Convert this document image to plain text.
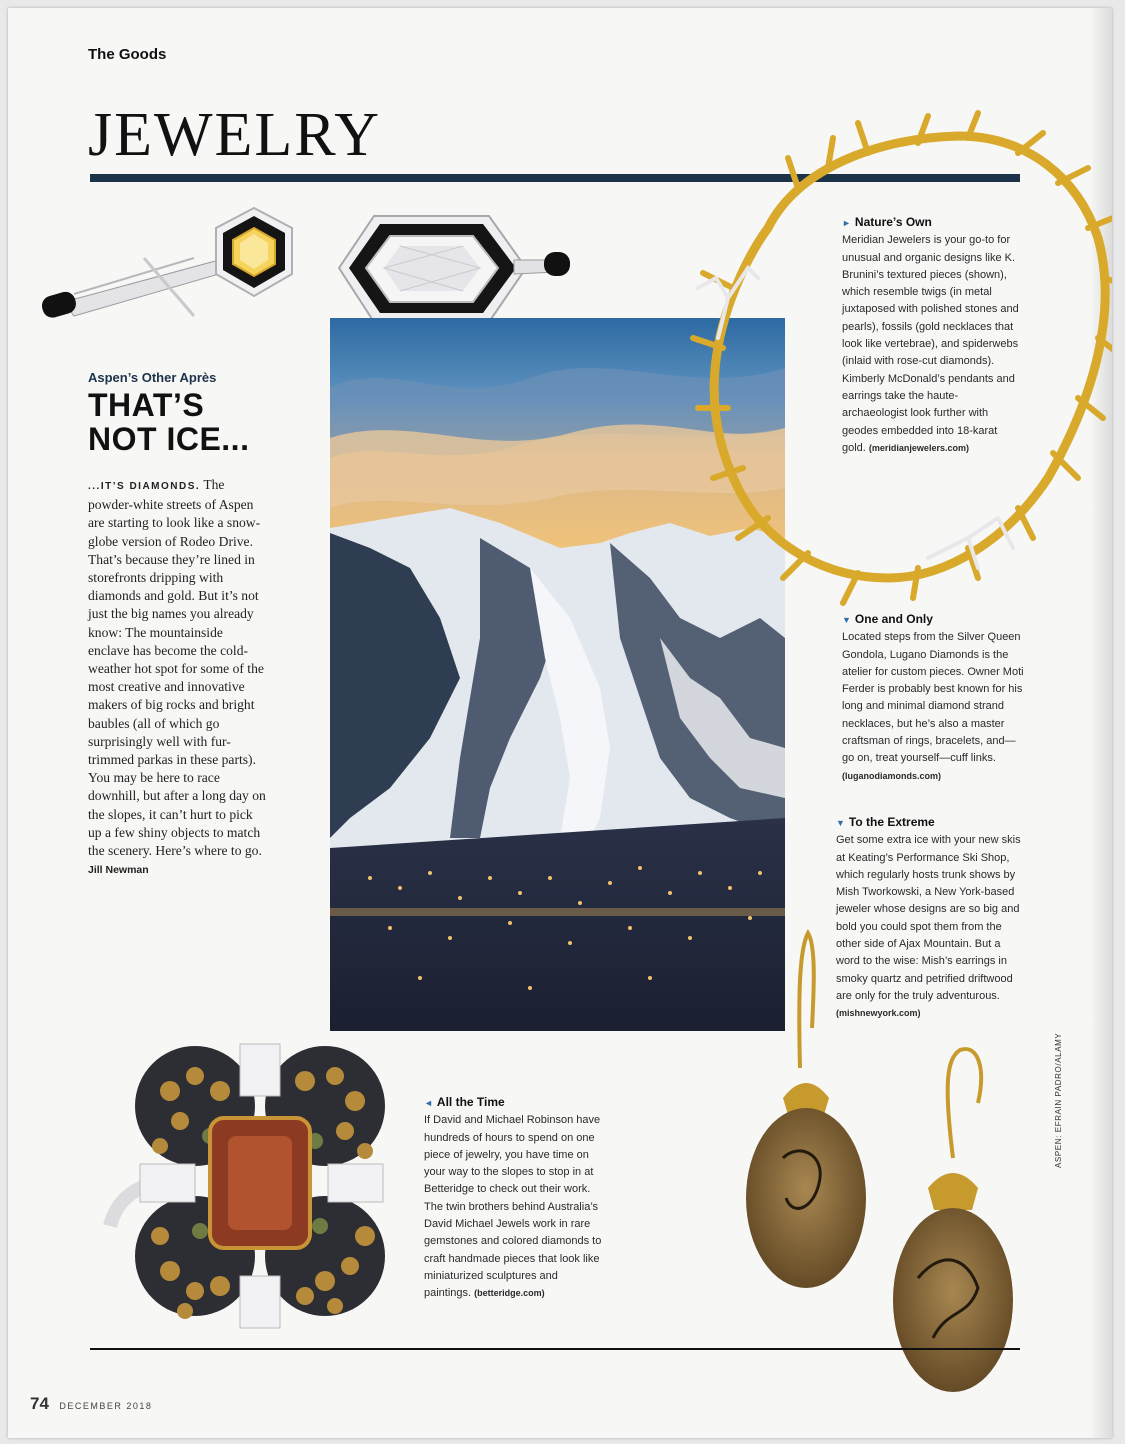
The Goods
JEWELRY
Aspen’s Other Après
THAT’S
NOT ICE...
...IT’S DIAMONDS. The powder-white streets of Aspen are starting to look like a snow-globe version of Rodeo Drive. That’s because they’re lined in storefronts dripping with diamonds and gold. But it’s not just the big names you already know: The mountainside enclave has become the cold-weather hot spot for some of the most creative and innovative makers of big rocks and bright baubles (all of which go surprisingly well with fur-trimmed parkas in these parts). You may be here to race downhill, but after a long day on the slopes, it can’t hurt to pick up a few shiny objects to match the scenery. Here’s where to go. Jill Newman
► Nature’s Own
Meridian Jewelers is your go-to for unusual and organic designs like K. Brunini’s textured pieces (shown), which resemble twigs (in metal juxtaposed with polished stones and pearls), fossils (gold necklaces that look like vertebrae), and spiderwebs (inlaid with rose-cut diamonds). Kimberly McDonald’s pendants and earrings take the haute-archaeologist look further with geodes embedded into 18-karat gold. (meridianjewelers.com)
▼ One and Only
Located steps from the Silver Queen Gondola, Lugano Diamonds is the atelier for custom pieces. Owner Moti Ferder is probably best known for his long and minimal diamond strand necklaces, but he’s also a master craftsman of rings, bracelets, and—go on, treat yourself—cuff links. (luganodiamonds.com)
▼ To the Extreme
Get some extra ice with your new skis at Keating’s Performance Ski Shop, which regularly hosts trunk shows by Mish Tworkowski, a New York-based jeweler whose designs are so big and bold you could spot them from the other side of Ajax Mountain. But a word to the wise: Mish’s earrings in smoky quartz and petrified driftwood are only for the truly adventurous. (mishnewyork.com)
◄ All the Time
If David and Michael Robinson have hundreds of hours to spend on one piece of jewelry, you have time on your way to the slopes to stop in at Betteridge to check out their work. The twin brothers behind Australia’s David Michael Jewels work in rare gemstones and colored diamonds to craft handmade pieces that look like miniaturized sculptures and paintings. (betteridge.com)
ASPEN: EFRAIN PADRO/ALAMY
74 DECEMBER 2018
